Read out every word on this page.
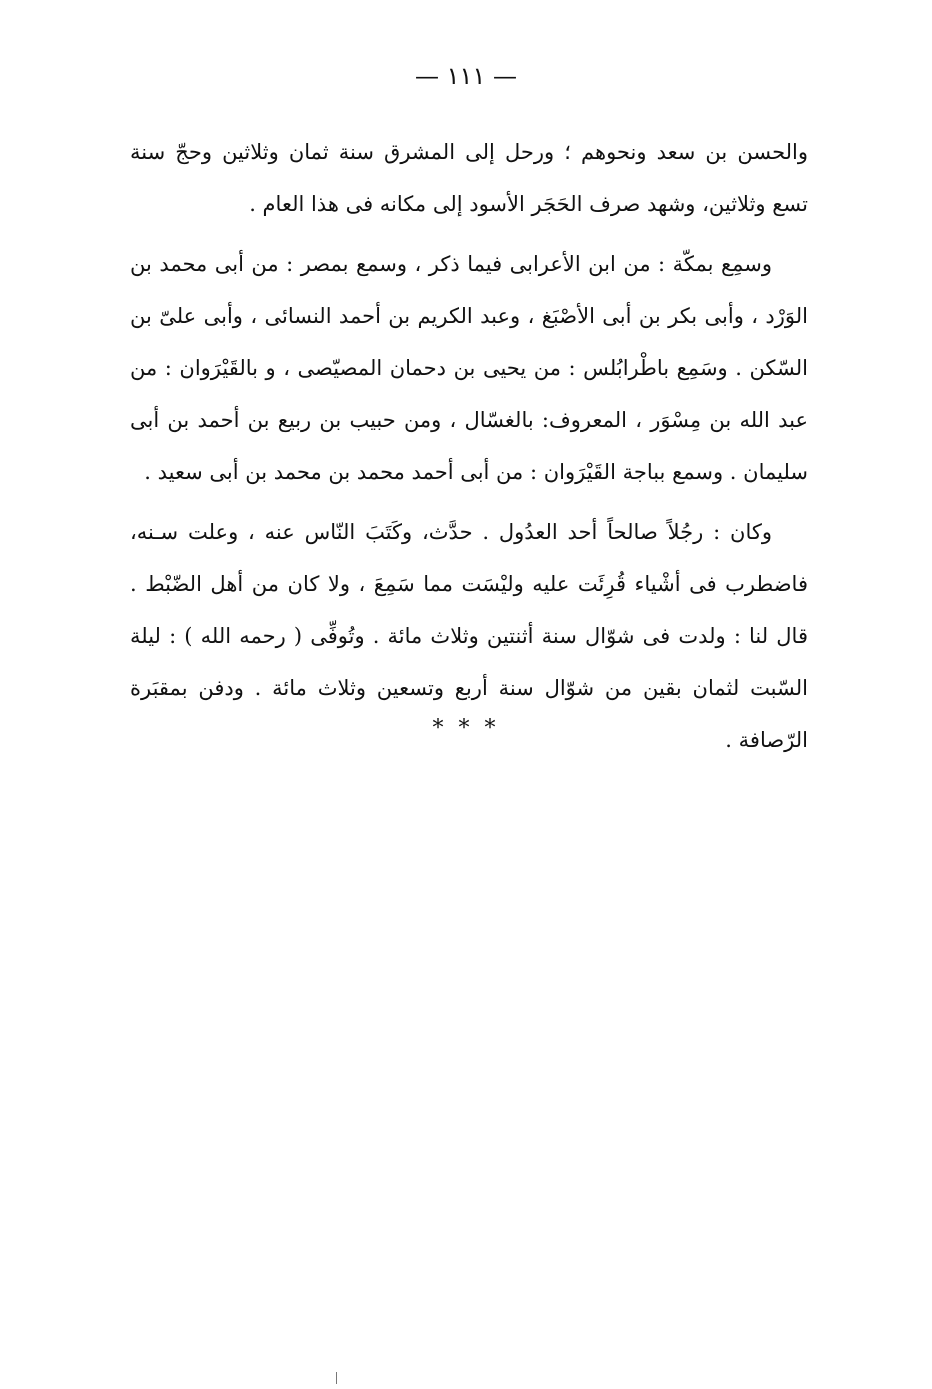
— ١١١ —

والحسن بن سعد ونحوهم ؛ ورحل إلى المشرق سنة ثمان وثلاثين وحجّ سنة تسع وثلاثين، وشهد صرف الحَجَر الأسود إلى مكانه فى هذا العام .

وسمِع بمكّة : من ابن الأعرابى فيما ذكر ، وسمع بمصر : من أبى محمد بن الوَرْد ، وأبى بكر بن أبى الأصْبَغ ، وعبد الكريم بن أحمد النسائى ، وأبى علىّ بن السّكن . وسَمِع باطْرابُلس : من يحيى بن دحمان المصيّصى ، و بالقَيْرَوان : من عبد الله بن مِسْوَر ، المعروف: بالغسّال ، ومن حبيب بن ربيع بن أحمد بن أبى سليمان . وسمع بباجة القَيْرَوان : من أبى أحمد محمد بن محمد بن أبى سعيد .

وكان : رجُلاً صالحاً أحد العدُول . حدَّث، وكَتَبَ النّاس عنه ، وعلت سـنه، فاضطرب فى أشْياء قُرِئَت عليه وليْسَت مما سَمِعَ ، ولا كان من أهل الضّبْط . قال لنا : ولدت فى شوّال سنة أثنتين وثلاث مائة . وتُوفِّى ( رحمه الله ) : ليلة السّبت لثمان بقين من شوّال سنة أربع وتسعين وثلاث مائة . ودفن بمقبَرة الرّصافة .

* * *
